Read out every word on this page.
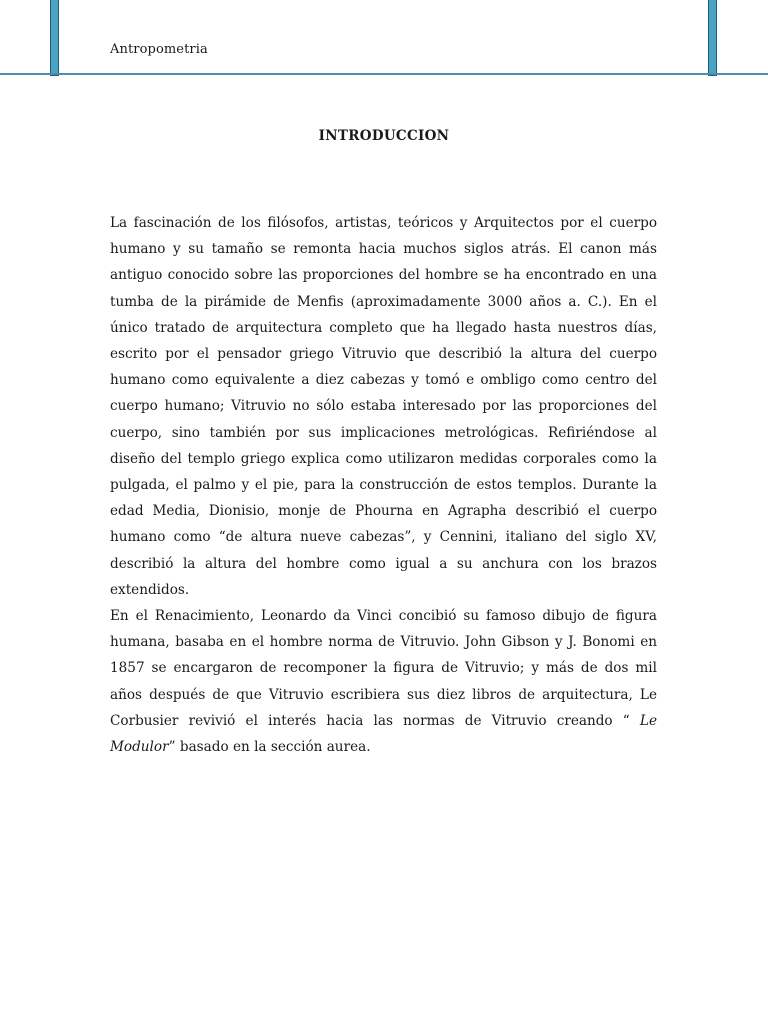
Antropometria
INTRODUCCION

La fascinación de los filósofos, artistas, teóricos y Arquitectos por el cuerpo humano y su tamaño se remonta hacia muchos siglos atrás. El canon más antiguo conocido sobre las proporciones del hombre se ha encontrado en una tumba de la pirámide de Menfis (aproximadamente 3000 años a. C.). En el único tratado de arquitectura completo que ha llegado hasta nuestros días, escrito por el pensador griego Vitruvio que describió la altura del cuerpo humano como equivalente a diez cabezas y tomó e ombligo como centro del cuerpo humano; Vitruvio no sólo estaba interesado por las proporciones del cuerpo, sino también por sus implicaciones metrológicas. Refiriéndose al diseño del templo griego explica como utilizaron medidas corporales como la pulgada, el palmo y el pie, para la construcción de estos templos. Durante la edad Media, Dionisio, monje de Phourna en Agrapha describió el cuerpo humano como “de altura nueve cabezas”, y Cennini, italiano del siglo XV, describió la altura del hombre como igual a su anchura con los brazos extendidos.

En el Renacimiento, Leonardo da Vinci concibió su famoso dibujo de figura humana, basaba en el hombre norma de Vitruvio. John Gibson y J. Bonomi en 1857 se encargaron de recomponer la figura de Vitruvio; y más de dos mil años después de que Vitruvio escribiera sus diez libros de arquitectura, Le Corbusier revivió el interés hacia las normas de Vitruvio creando “ Le Modulor” basado en la sección aurea.
